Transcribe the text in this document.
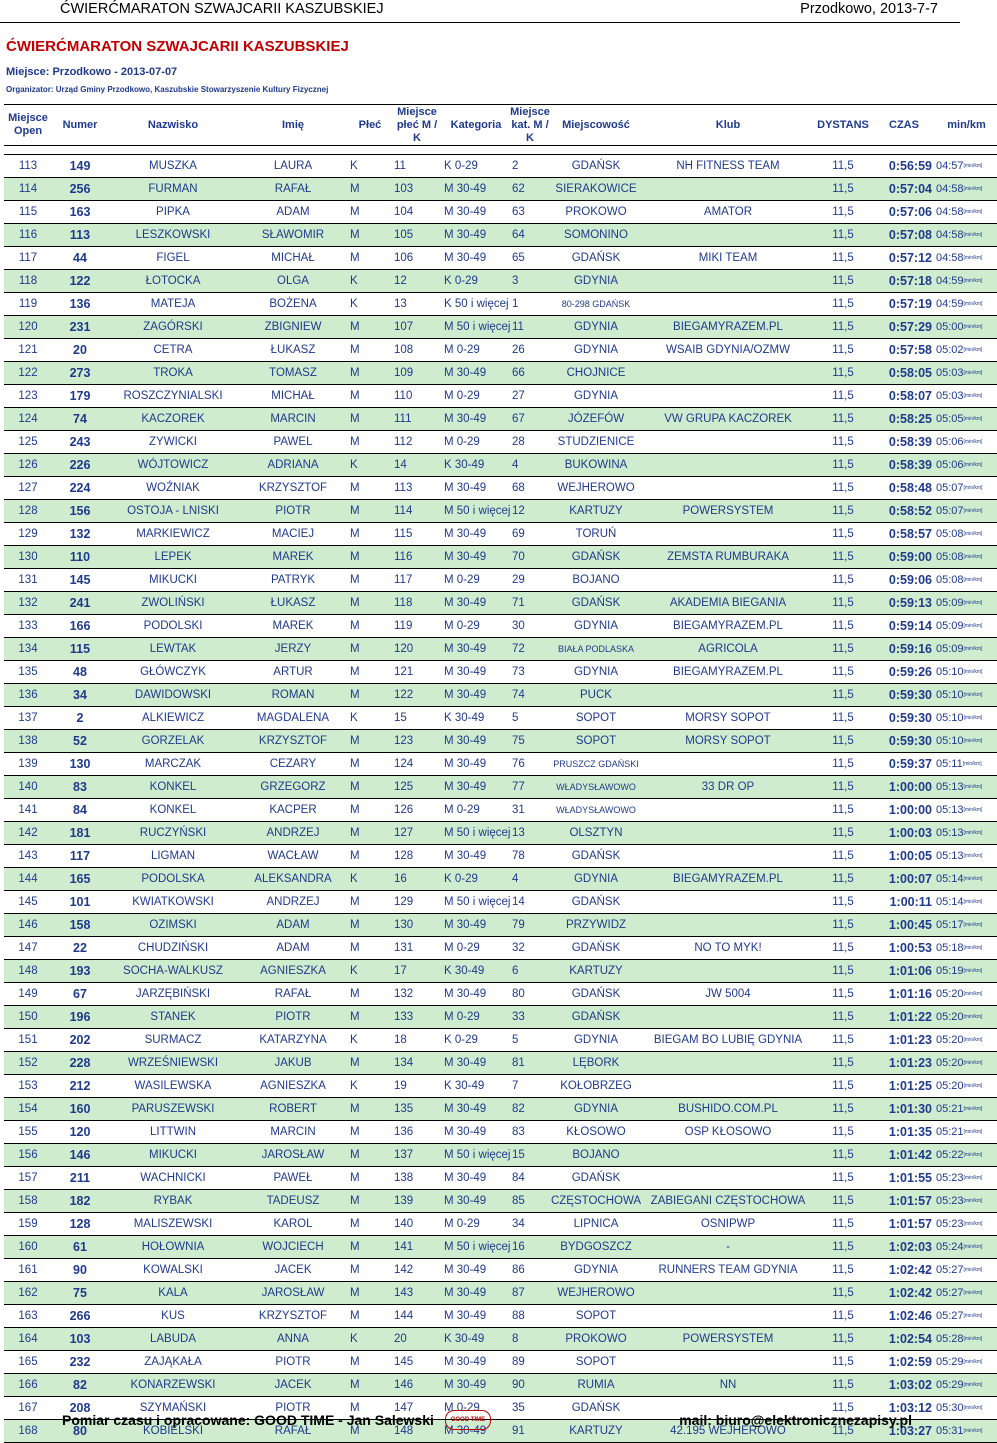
ĆWIERĆMARATON SZWAJCARII KASZUBSKIEJ	Przodkowo, 2013-7-7
ĆWIERĆMARATON SZWAJCARII KASZUBSKIEJ
Miejsce: Przodkowo - 2013-07-07
Organizator: Urząd Gminy Przodkowo, Kaszubskie Stowarzyszenie Kultury Fizycznej
Miejsce Open	Numer	Nazwisko	Imię	Płeć	Miejsce płeć M / K	Kategoria	Miejsce kat. M / K	Miejscowość	Klub	DYSTANS	CZAS	min/km

113	149	MUSZKA	LAURA	K	11	K 0-29	2	GDAŃSK	NH FITNESS TEAM	11,5	0:56:59	04:57[min/km]
114	256	FURMAN	RAFAŁ	M	103	M 30-49	62	SIERAKOWICE		11,5	0:57:04	04:58[min/km]
115	163	PIPKA	ADAM	M	104	M 30-49	63	PROKOWO	AMATOR	11,5	0:57:06	04:58[min/km]
116	113	LESZKOWSKI	SŁAWOMIR	M	105	M 30-49	64	SOMONINO		11,5	0:57:08	04:58[min/km]
117	44	FIGEL	MICHAŁ	M	106	M 30-49	65	GDAŃSK	MIKI TEAM	11,5	0:57:12	04:58[min/km]
118	122	ŁOTOCKA	OLGA	K	12	K 0-29	3	GDYNIA		11,5	0:57:18	04:59[min/km]
119	136	MATEJA	BOŻENA	K	13	K 50 i więcej	1	80-298 GDAŃSK		11,5	0:57:19	04:59[min/km]
120	231	ZAGÓRSKI	ZBIGNIEW	M	107	M 50 i więcej	11	GDYNIA	BIEGAMYRAZEM.PL	11,5	0:57:29	05:00[min/km]
121	20	CETRA	ŁUKASZ	M	108	M 0-29	26	GDYNIA	WSAIB GDYNIA/OZMW	11,5	0:57:58	05:02[min/km]
122	273	TROKA	TOMASZ	M	109	M 30-49	66	CHOJNICE		11,5	0:58:05	05:03[min/km]
123	179	ROSZCZYNIALSKI	MICHAŁ	M	110	M 0-29	27	GDYNIA		11,5	0:58:07	05:03[min/km]
124	74	KACZOREK	MARCIN	M	111	M 30-49	67	JÓZEFÓW	VW GRUPA KACZOREK	11,5	0:58:25	05:05[min/km]
125	243	ZYWICKI	PAWEL	M	112	M 0-29	28	STUDZIENICE		11,5	0:58:39	05:06[min/km]
126	226	WÓJTOWICZ	ADRIANA	K	14	K 30-49	4	BUKOWINA		11,5	0:58:39	05:06[min/km]
127	224	WOŹNIAK	KRZYSZTOF	M	113	M 30-49	68	WEJHEROWO		11,5	0:58:48	05:07[min/km]
128	156	OSTOJA - LNISKI	PIOTR	M	114	M 50 i więcej	12	KARTUZY	POWERSYSTEM	11,5	0:58:52	05:07[min/km]
129	132	MARKIEWICZ	MACIEJ	M	115	M 30-49	69	TORUŃ		11,5	0:58:57	05:08[min/km]
130	110	LEPEK	MAREK	M	116	M 30-49	70	GDAŃSK	ZEMSTA RUMBURAKA	11,5	0:59:00	05:08[min/km]
131	145	MIKUCKI	PATRYK	M	117	M 0-29	29	BOJANO		11,5	0:59:06	05:08[min/km]
132	241	ZWOLIŃSKI	ŁUKASZ	M	118	M 30-49	71	GDAŃSK	AKADEMIA BIEGANIA	11,5	0:59:13	05:09[min/km]
133	166	PODOLSKI	MAREK	M	119	M 0-29	30	GDYNIA	BIEGAMYRAZEM.PL	11,5	0:59:14	05:09[min/km]
134	115	LEWTAK	JERZY	M	120	M 30-49	72	BIAŁA PODLASKA	AGRICOLA	11,5	0:59:16	05:09[min/km]
135	48	GŁÓWCZYK	ARTUR	M	121	M 30-49	73	GDYNIA	BIEGAMYRAZEM.PL	11,5	0:59:26	05:10[min/km]
136	34	DAWIDOWSKI	ROMAN	M	122	M 30-49	74	PUCK		11,5	0:59:30	05:10[min/km]
137	2	ALKIEWICZ	MAGDALENA	K	15	K 30-49	5	SOPOT	MORSY SOPOT	11,5	0:59:30	05:10[min/km]
138	52	GORZELAK	KRZYSZTOF	M	123	M 30-49	75	SOPOT	MORSY SOPOT	11,5	0:59:30	05:10[min/km]
139	130	MARCZAK	CEZARY	M	124	M 30-49	76	PRUSZCZ GDAŃSKI		11,5	0:59:37	05:11[min/km]
140	83	KONKEL	GRZEGORZ	M	125	M 30-49	77	WŁADYSŁAWOWO	33 DR OP	11,5	1:00:00	05:13[min/km]
141	84	KONKEL	KACPER	M	126	M 0-29	31	WŁADYSŁAWOWO		11,5	1:00:00	05:13[min/km]
142	181	RUCZYŃSKI	ANDRZEJ	M	127	M 50 i więcej	13	OLSZTYN		11,5	1:00:03	05:13[min/km]
143	117	LIGMAN	WACŁAW	M	128	M 30-49	78	GDAŃSK		11,5	1:00:05	05:13[min/km]
144	165	PODOLSKA	ALEKSANDRA	K	16	K 0-29	4	GDYNIA	BIEGAMYRAZEM.PL	11,5	1:00:07	05:14[min/km]
145	101	KWIATKOWSKI	ANDRZEJ	M	129	M 50 i więcej	14	GDAŃSK		11,5	1:00:11	05:14[min/km]
146	158	OZIMSKI	ADAM	M	130	M 30-49	79	PRZYWIDZ		11,5	1:00:45	05:17[min/km]
147	22	CHUDZIŃSKI	ADAM	M	131	M 0-29	32	GDAŃSK	NO TO MYK!	11,5	1:00:53	05:18[min/km]
148	193	SOCHA-WALKUSZ	AGNIESZKA	K	17	K 30-49	6	KARTUZY		11,5	1:01:06	05:19[min/km]
149	67	JARZĘBIŃSKI	RAFAŁ	M	132	M 30-49	80	GDAŃSK	JW 5004	11,5	1:01:16	05:20[min/km]
150	196	STANEK	PIOTR	M	133	M 0-29	33	GDAŃSK		11,5	1:01:22	05:20[min/km]
151	202	SURMACZ	KATARZYNA	K	18	K 0-29	5	GDYNIA	BIEGAM BO LUBIĘ GDYNIA	11,5	1:01:23	05:20[min/km]
152	228	WRZEŚNIEWSKI	JAKUB	M	134	M 30-49	81	LĘBORK		11,5	1:01:23	05:20[min/km]
153	212	WASILEWSKA	AGNIESZKA	K	19	K 30-49	7	KOŁOBRZEG		11,5	1:01:25	05:20[min/km]
154	160	PARUSZEWSKI	ROBERT	M	135	M 30-49	82	GDYNIA	BUSHIDO.COM.PL	11,5	1:01:30	05:21[min/km]
155	120	LITTWIN	MARCIN	M	136	M 30-49	83	KŁOSOWO	OSP KŁOSOWO	11,5	1:01:35	05:21[min/km]
156	146	MIKUCKI	JAROSŁAW	M	137	M 50 i więcej	15	BOJANO		11,5	1:01:42	05:22[min/km]
157	211	WACHNICKI	PAWEŁ	M	138	M 30-49	84	GDAŃSK		11,5	1:01:55	05:23[min/km]
158	182	RYBAK	TADEUSZ	M	139	M 30-49	85	CZĘSTOCHOWA	ZABIEGANI CZĘSTOCHOWA	11,5	1:01:57	05:23[min/km]
159	128	MALISZEWSKI	KAROL	M	140	M 0-29	34	LIPNICA	OSNIPWP	11,5	1:01:57	05:23[min/km]
160	61	HOŁOWNIA	WOJCIECH	M	141	M 50 i więcej	16	BYDGOSZCZ	-	11,5	1:02:03	05:24[min/km]
161	90	KOWALSKI	JACEK	M	142	M 30-49	86	GDYNIA	RUNNERS TEAM GDYNIA	11,5	1:02:42	05:27[min/km]
162	75	KALA	JAROSŁAW	M	143	M 30-49	87	WEJHEROWO		11,5	1:02:42	05:27[min/km]
163	266	KUS	KRZYSZTOF	M	144	M 30-49	88	SOPOT		11,5	1:02:46	05:27[min/km]
164	103	LABUDA	ANNA	K	20	K 30-49	8	PROKOWO	POWERSYSTEM	11,5	1:02:54	05:28[min/km]
165	232	ZAJĄKAŁA	PIOTR	M	145	M 30-49	89	SOPOT		11,5	1:02:59	05:29[min/km]
166	82	KONARZEWSKI	JACEK	M	146	M 30-49	90	RUMIA	NN	11,5	1:03:02	05:29[min/km]
167	208	SZYMAŃSKI	PIOTR	M	147	M 0-29	35	GDAŃSK		11,5	1:03:12	05:30[min/km]
168	80	KOBIELSKI	RAFAŁ	M	148	M 30-49	91	KARTUZY	42.195 WEJHEROWO	11,5	1:03:27	05:31[min/km]
Pomiar czasu i opracowane: GOOD TIME - Jan Salewski	GOOD TIME	mail: biuro@elektronicznezapisy.pl
